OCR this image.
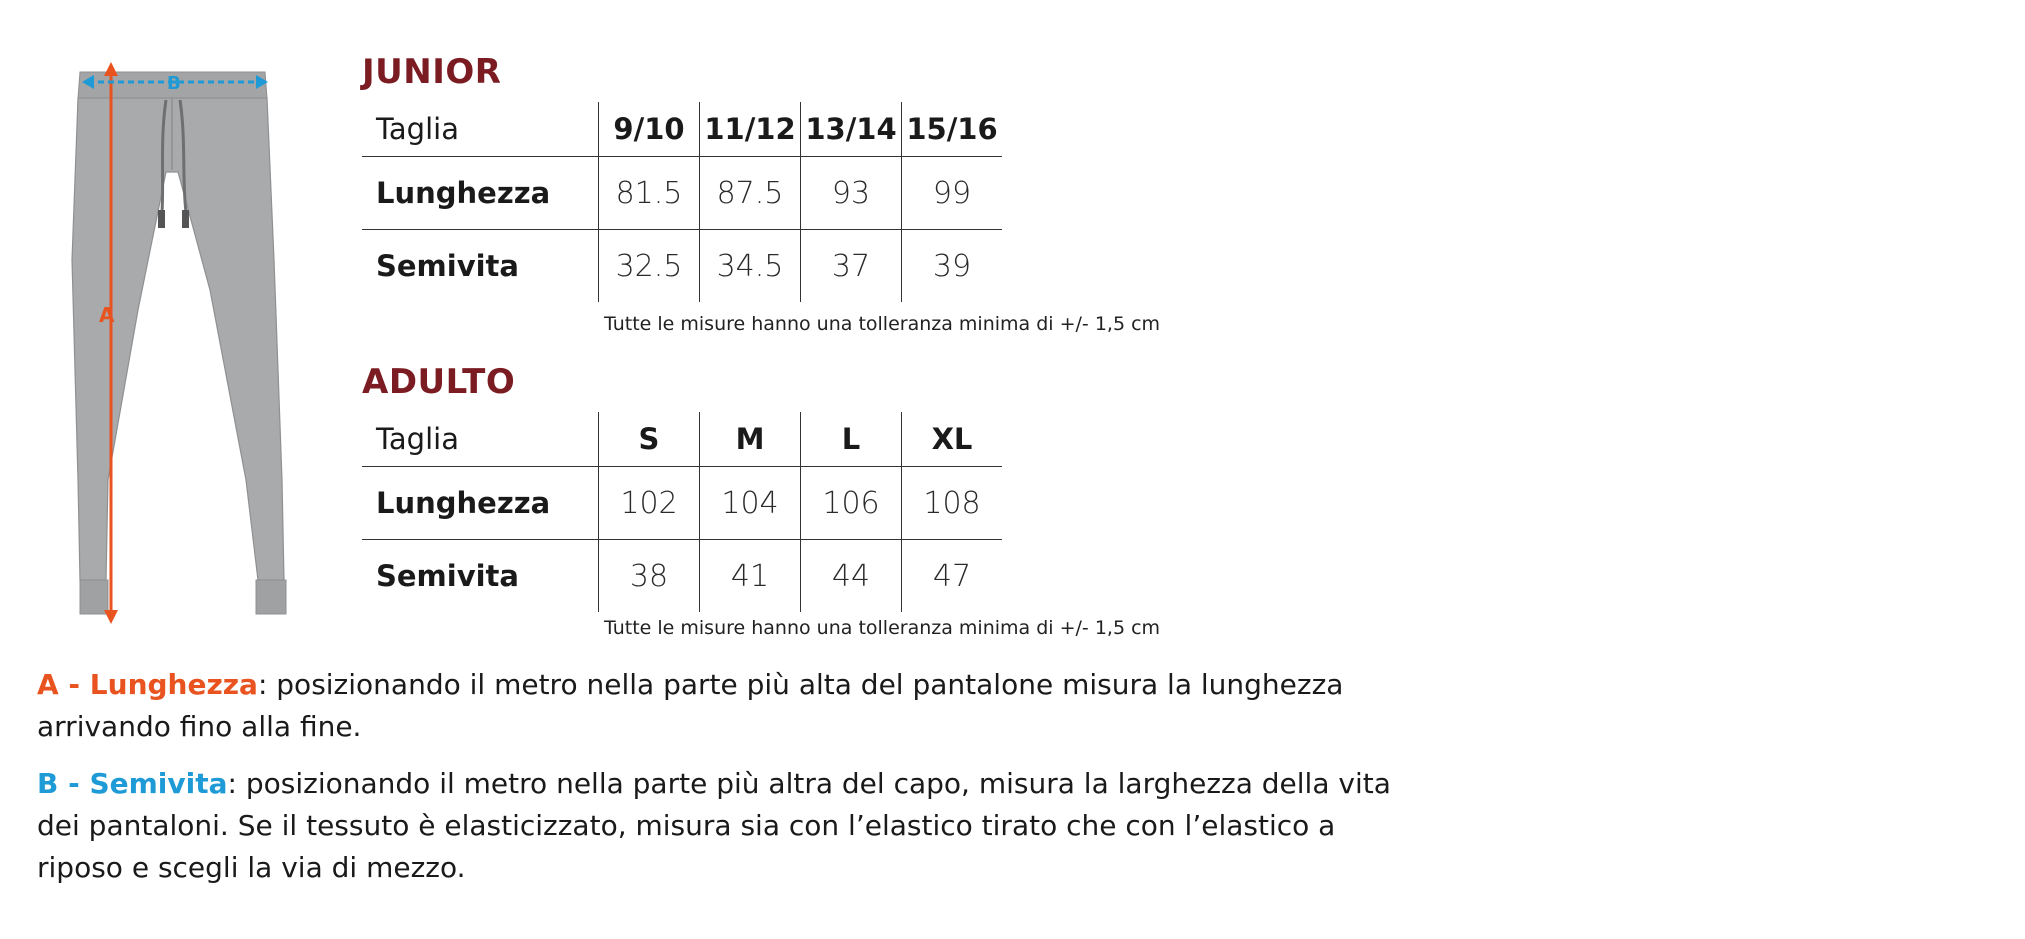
A
B	JUNIOR
Taglia	9/10	11/12	13/14	15/16
Lunghezza	81.5	87.5	93	99
Semivita	32.5	34.5	37	39
Tutte le misure hanno una tolleranza minima di +/- 1,5 cm
ADULTO
Taglia	S	M	L	XL
Lunghezza	102	104	106	108
Semivita	38	41	44	47
Tutte le misure hanno una tolleranza minima di +/- 1,5 cm
A - Lunghezza: posizionando il metro nella parte più alta del pantalone misura la lunghezza arrivando fino alla fine.
B - Semivita: posizionando il metro nella parte più altra del capo, misura la larghezza della vita dei pantaloni. Se il tessuto è elasticizzato, misura sia con l’elastico tirato che con l’elastico a riposo e scegli la via di mezzo.
